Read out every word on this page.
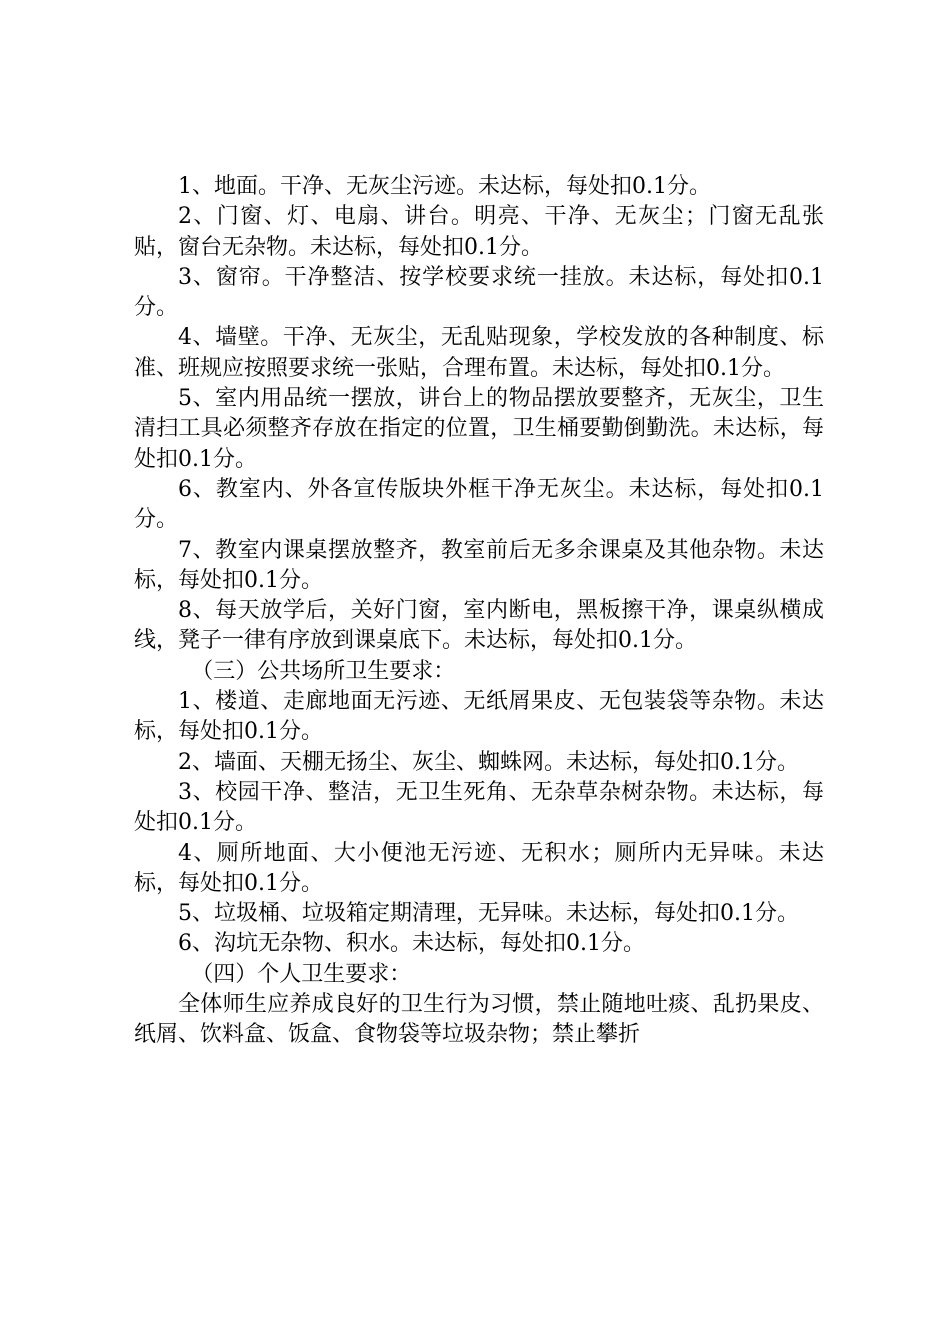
1、地面。干净、无灰尘污迹。未达标，每处扣0.1分。

2、门窗、灯、电扇、讲台。明亮、干净、无灰尘；门窗无乱张贴，窗台无杂物。未达标，每处扣0.1分。

3、窗帘。干净整洁、按学校要求统一挂放。未达标，每处扣0.1分。

4、墙壁。干净、无灰尘，无乱贴现象，学校发放的各种制度、标准、班规应按照要求统一张贴，合理布置。未达标，每处扣0.1分。

5、室内用品统一摆放，讲台上的物品摆放要整齐，无灰尘，卫生清扫工具必须整齐存放在指定的位置，卫生桶要勤倒勤洗。未达标，每处扣0.1分。

6、教室内、外各宣传版块外框干净无灰尘。未达标，每处扣0.1分。

7、教室内课桌摆放整齐，教室前后无多余课桌及其他杂物。未达标，每处扣0.1分。

8、每天放学后，关好门窗，室内断电，黑板擦干净，课桌纵横成线，凳子一律有序放到课桌底下。未达标，每处扣0.1分。

（三）公共场所卫生要求：

1、楼道、走廊地面无污迹、无纸屑果皮、无包装袋等杂物。未达标，每处扣0.1分。

2、墙面、天棚无扬尘、灰尘、蜘蛛网。未达标，每处扣0.1分。

3、校园干净、整洁，无卫生死角、无杂草杂树杂物。未达标，每处扣0.1分。

4、厕所地面、大小便池无污迹、无积水；厕所内无异味。未达标，每处扣0.1分。

5、垃圾桶、垃圾箱定期清理，无异味。未达标，每处扣0.1分。

6、沟坑无杂物、积水。未达标，每处扣0.1分。

（四）个人卫生要求：

全体师生应养成良好的卫生行为习惯，禁止随地吐痰、乱扔果皮、纸屑、饮料盒、饭盒、食物袋等垃圾杂物；禁止攀折
